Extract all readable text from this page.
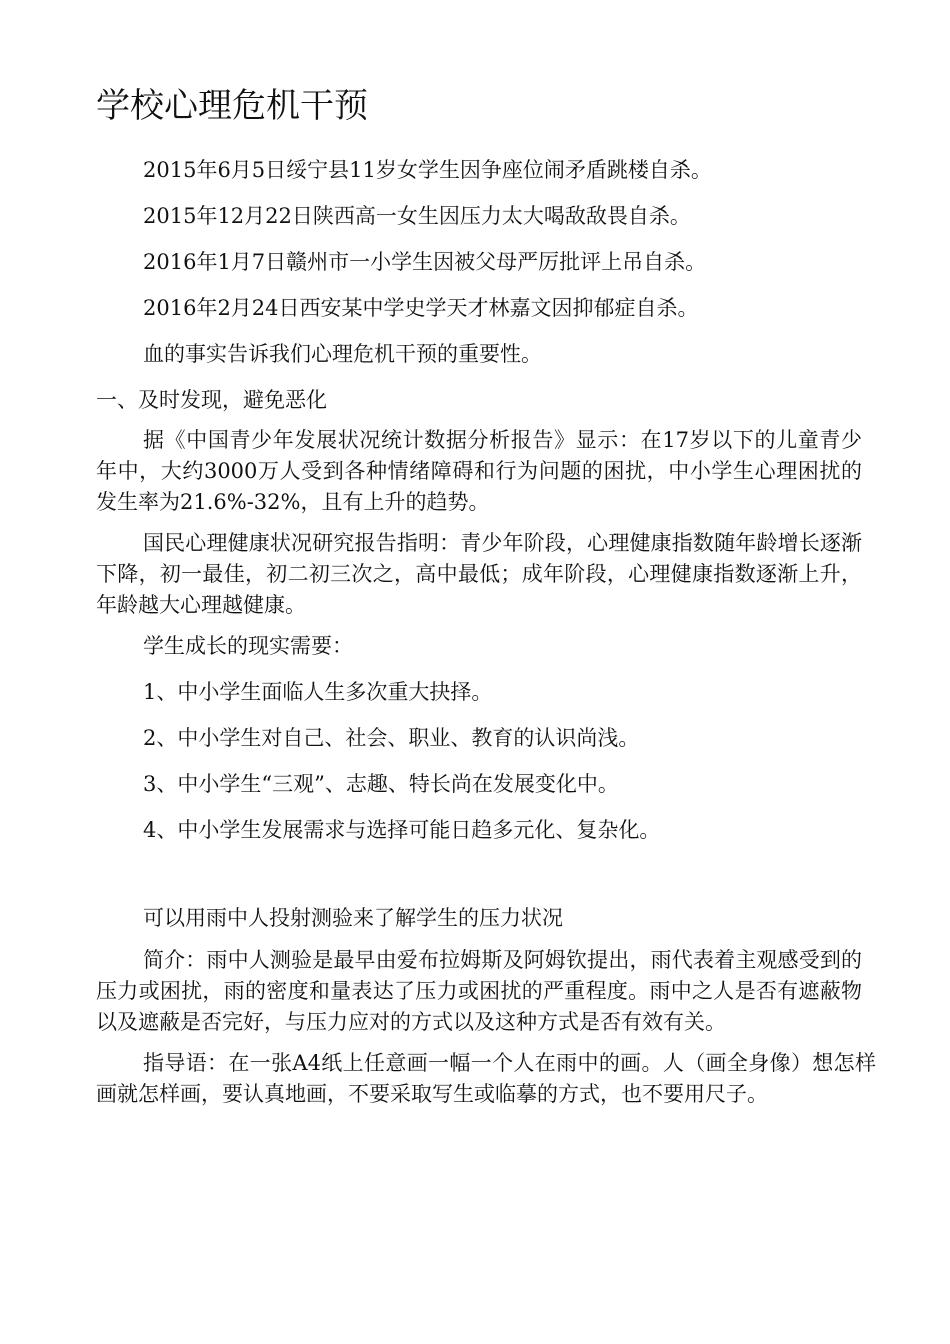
学校心理危机干预

2015年6月5日绥宁县11岁女学生因争座位闹矛盾跳楼自杀。

2015年12月22日陕西高一女生因压力太大喝敌敌畏自杀。

2016年1月7日赣州市一小学生因被父母严厉批评上吊自杀。

2016年2月24日西安某中学史学天才林嘉文因抑郁症自杀。

血的事实告诉我们心理危机干预的重要性。

一、及时发现，避免恶化

据《中国青少年发展状况统计数据分析报告》显示：在17岁以下的儿童青少年中，大约3000万人受到各种情绪障碍和行为问题的困扰，中小学生心理困扰的发生率为21.6%-32%，且有上升的趋势。

国民心理健康状况研究报告指明：青少年阶段，心理健康指数随年龄增长逐渐下降，初一最佳，初二初三次之，高中最低；成年阶段，心理健康指数逐渐上升，年龄越大心理越健康。

学生成长的现实需要：

1、中小学生面临人生多次重大抉择。

2、中小学生对自己、社会、职业、教育的认识尚浅。

3、中小学生“三观”、志趣、特长尚在发展变化中。

4、中小学生发展需求与选择可能日趋多元化、复杂化。

可以用雨中人投射测验来了解学生的压力状况

简介：雨中人测验是最早由爱布拉姆斯及阿姆钦提出，雨代表着主观感受到的压力或困扰，雨的密度和量表达了压力或困扰的严重程度。雨中之人是否有遮蔽物以及遮蔽是否完好，与压力应对的方式以及这种方式是否有效有关。

指导语：在一张A4纸上任意画一幅一个人在雨中的画。人（画全身像）想怎样画就怎样画，要认真地画，不要采取写生或临摹的方式，也不要用尺子。
